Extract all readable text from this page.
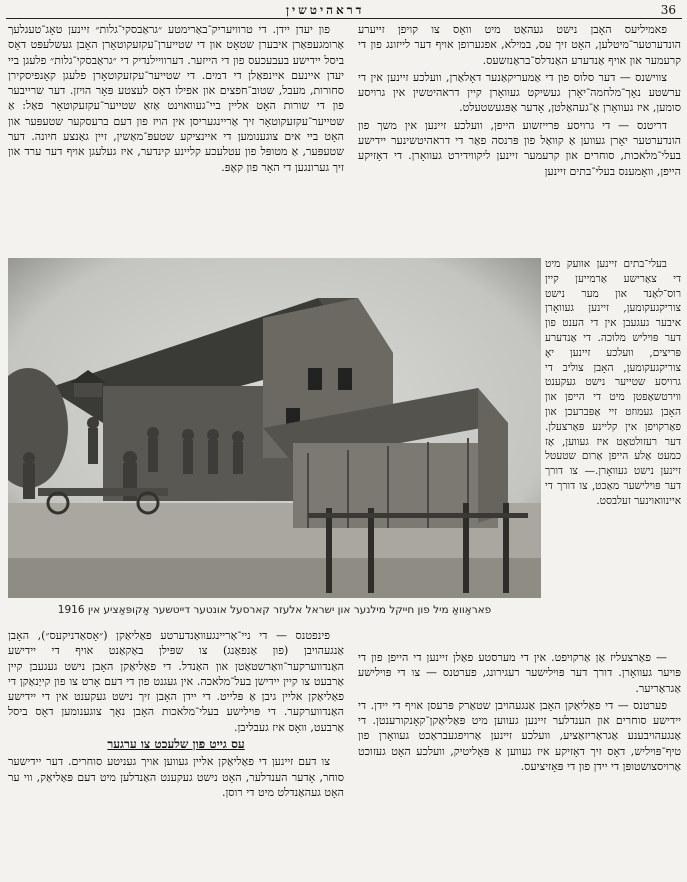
דראהיטשין	36

פאמיליעס האָבן נישט געהאַט מיט וואָס צו קויפן זייערע הונדערטער־מיטלען, האָט זיך עס, במילא, אפגערופן אויף דער לייזונג פון די קרעמער און אויף אַנדערע האַנדלס־בראַנזשעס.

צווישנס — דער סלוס פון די אַמעריקאַנער דאָלאַרן, וועלכע זיינען אין די ערשטע נאָך־מלחמה־יאָרן געשיקט געוואָרן קיין דראהיטשין אין גרויסע סומען, איז געוואָרן אַ־געהאַלטן, אָדער אַפּגעשטעלט.

דריטנס — די גרויסע פּרייזשוע הייפן, וועלכע זיינען אין משך פון הונדערטער יאָרן געווען אַ קוואַל פון פּרנסה פאַר די דראהיטשינער יידישע בעלי־מלאכות, סוחרים און קרעמער זיינען ליקווידירט געוואָרן. די דאָזיקע הייפן, וואָמענס בעלי־בתים זיינען

פון יעדן יידן. די טרוויעריק־באַרימטע ״גראַבסקי־גלות״ זיינען טאָג־טעגלעך אַרומגעפאַרן איבערן שטאָט און די שטייערן־עקזעקוטאָרן האָבן געשלעפּט דאָס ביסל יידישע בעבעכעס פון די הייזער. דערוויילנדיק די ״גראַבסקי־גלות״ פלעגן ביי יעדן איינעם איינפאַלן די דמים. די שטייער־עקזעקוטאָרן פלעגן קאָנפיסקירן סחורות, מעבל, שטוב־חפצים און אפילו דאָס לעצטע פּאָר הויזן. דער שרייבער פון די שורות האָט אליין ביי־געוואוינט אַזאַ שטייער־עקזעקוטאָר פאַל: אַ שטייער־עקזעקוטאָר זיך אַריינגעריסן אין הויז פון דעם ברעסקער שטעפּער און האָט ביי אים צוגענומען די איינציקע שטעפּ־מאַשין, זיין גאַנצע חיונה. דער שטעפּער, אַ מטופּל פון עטלעכע קליינע קינדער, איז געלעגן אויף דער ערד און זיך גערונגען די האָר פון קאָפּ.

פאראַוואַ מיל פון חייקל מילנער און ישראל אלעזר קארסעל אונטער דייטשער אָקופּאַציע אין 1916

בעלי־בתים זיינען אוועק מיט די צאַרישע אַרמייען קיין רוס־לאַנד און מער נישט צוריקגעקומען, זיינען געוואָרן איבער געגעבן אין די הענט פון דער פּויליש מלוכה. די אַנדערע פּריצים, וועלכע זיינען יאָ צוריקגעקומען, האָבן צוליב די גרויסע שטייער נישט געקענט ווירטשאַפטן מיט די הייפן און האָבן געמוזט זיי אַפּברעכן און פאַרקויפן אין קליינע פּאַרצעלן. דער רעזולטאַט איז געווען, אַז כמעט אַלע הייפן אַרום שטעטל זיינען נישט געוואָרן.— צו דורך דער פּוילישער מאַכט, צו דורך די איינוואוינער זעלבסט.

— פאַרצעליז אַן אַרקויפט. אין די מערסטע פאַלן זיינען די הייפן פון די פּויער געוואָרן. דורך דער פּוילישער רעגירונג, פערטנס — צו די פּוילישע אַגראַריער.

פערטנס — די פאַליאַקן האָבן אַנגעהויבן שטאַרק פּרעסן אויף די יידן. די יידישע סוחרים און הענדלער זיינען געווען מיט פּאַליאַקן־קאָנקורענטן. די אַנגעהויבענע אַגראַריזאַציע, וועלכע זיינען אַרויפגעבראַכט געוואָרן פון טיף־פּויליש, דאָס זיך דאָזיקע איז געווען אַ פּאָליטיק, וועלכע האָט געזוכט אַרויסצושטופּן די יידן פון די פּאָזיציעס.

פינפטנס — די ניי־אַריינגעוואַנדערטע פאַליאַקן (״אָסאַדניקעס״), האָבן אַנגעהויבן (פון אַנפאַנג) צו שפּילן באַקאַנט אויף די יידישע האַנדווערקער־וואַרשטאַטן און האַנדל. די פאַליאַקן האָבן נישט געגעבן קיין אַרבעט צו קיין יידישן בעל־מלאכה. אין געגנט פון די דעם אָרט צו פון קייַנאַקן די פאַליאַקן אליין גיבן אַ פּלייט. די יידן האָבן זיך נישט געקענט אין די יידישע האַנדווערקער. די פּוילישע בעלי־מלאכות האָבן נאָך צוגענומען דאָס ביסל אַרבעט, וואָס איז געבליבן.

עס גייט פון שלעכט צו ערגער

צו דעם זיינען די פאַליאַקן אליין געווען אויך געניטע סוחרים. דער יידישער סוחר, אָדער הענדלער, האָט נישט געקענט האַנדלען מיט דעם פּאַליאַק, ווי ער האָט געהאַנדלט מיט די רוסן.
